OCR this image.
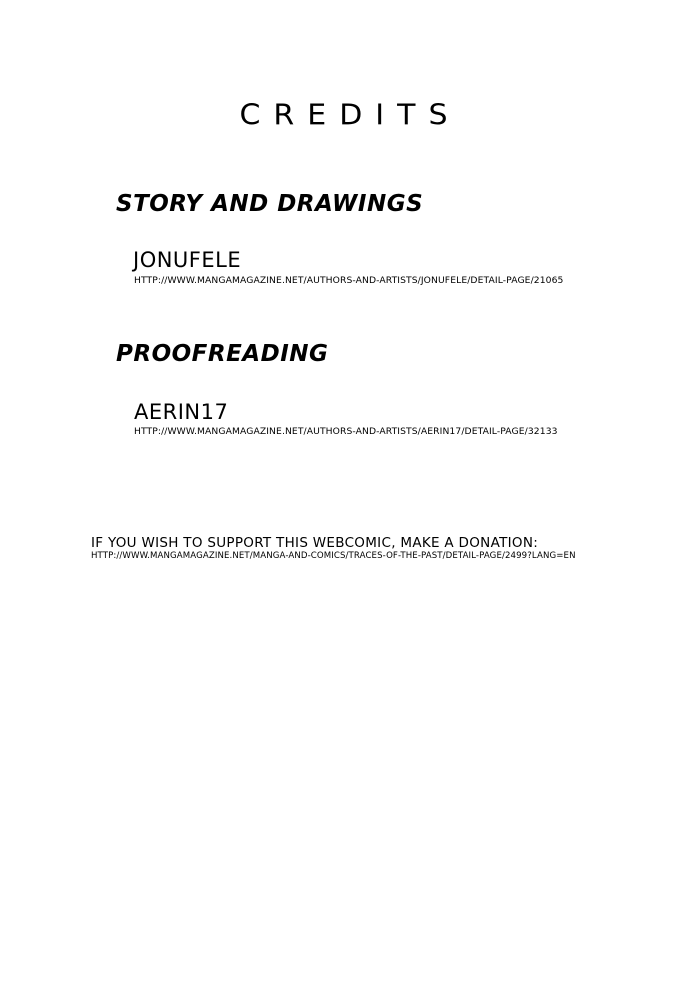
CREDITS
STORY AND DRAWINGS
JONUFELE
HTTP://WWW.MANGAMAGAZINE.NET/AUTHORS-AND-ARTISTS/JONUFELE/DETAIL-PAGE/21065
PROOFREADING
AERIN17
HTTP://WWW.MANGAMAGAZINE.NET/AUTHORS-AND-ARTISTS/AERIN17/DETAIL-PAGE/32133
IF YOU WISH TO SUPPORT THIS WEBCOMIC, MAKE A DONATION:
HTTP://WWW.MANGAMAGAZINE.NET/MANGA-AND-COMICS/TRACES-OF-THE-PAST/DETAIL-PAGE/2499?LANG=EN
